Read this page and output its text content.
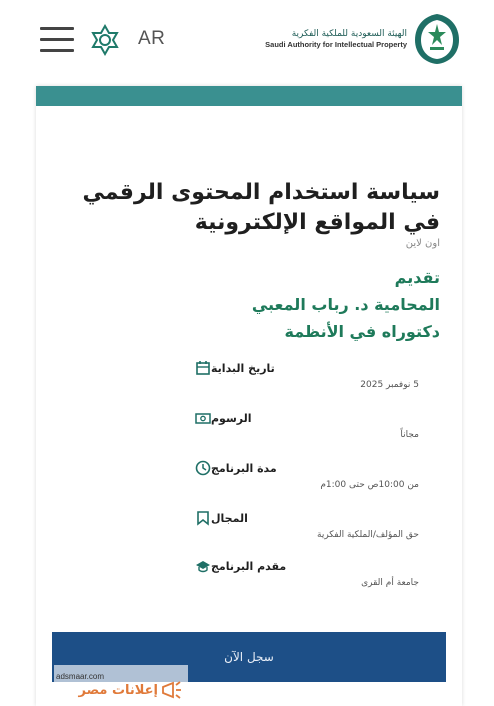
AR	الهيئة السعودية للملكية الفكرية
Saudi Authority for Intellectual Property
سياسة استخدام المحتوى الرقمي في المواقع الإلكترونية
اون لاين
تقديم
المحامية د. رباب المعبي
دكتوراه في الأنظمة
تاريخ البداية
5 نوفمبر 2025
الرسوم
مجاناً
مدة البرنامج
من 10:00ص حتى 1:00م
المجال
حق المؤلف/الملكية الفكرية
مقدم البرنامج
جامعة أم القرى
سجل الآن
adsmaar.com
إعلانات مصر
